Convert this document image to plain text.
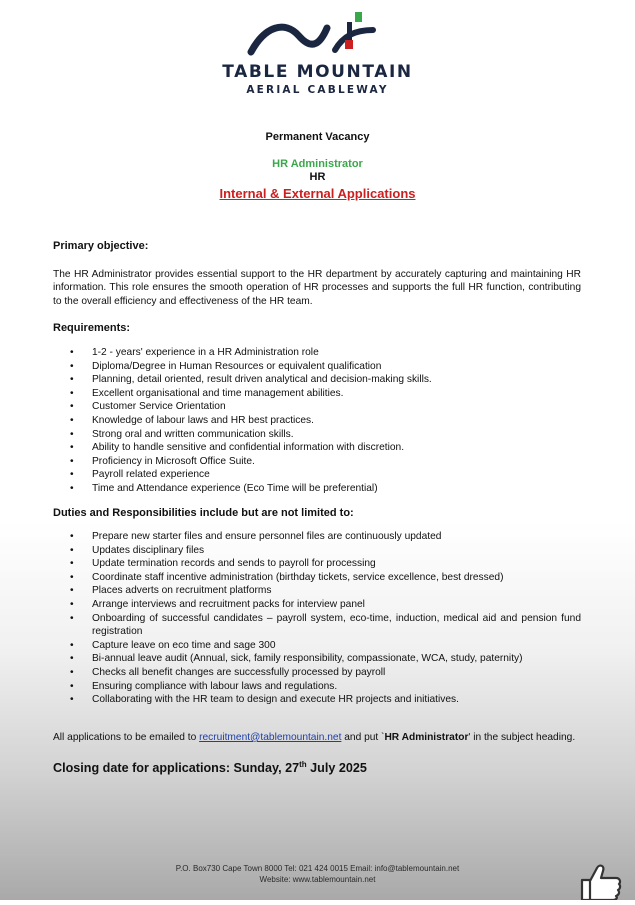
TABLE MOUNTAIN
AERIAL CABLEWAY
Permanent Vacancy
HR Administrator
HR
Internal & External Applications
Primary objective:

The HR Administrator provides essential support to the HR department by accurately capturing and maintaining HR information. This role ensures the smooth operation of HR processes and supports the full HR function, contributing to the overall efficiency and effectiveness of the HR team.

Requirements:
• 1-2 - years' experience in a HR Administration role
• Diploma/Degree in Human Resources or equivalent qualification
• Planning, detail oriented, result driven analytical and decision-making skills.
• Excellent organisational and time management abilities.
• Customer Service Orientation
• Knowledge of labour laws and HR best practices.
• Strong oral and written communication skills.
• Ability to handle sensitive and confidential information with discretion.
• Proficiency in Microsoft Office Suite.
• Payroll related experience
• Time and Attendance experience (Eco Time will be preferential)
Duties and Responsibilities include but are not limited to:
• Prepare new starter files and ensure personnel files are continuously updated
• Updates disciplinary files
• Update termination records and sends to payroll for processing
• Coordinate staff incentive administration (birthday tickets, service excellence, best dressed)
• Places adverts on recruitment platforms
• Arrange interviews and recruitment packs for interview panel
• Onboarding of successful candidates – payroll system, eco-time, induction, medical aid and pension fund registration
• Capture leave on eco time and sage 300
• Bi-annual leave audit (Annual, sick, family responsibility, compassionate, WCA, study, paternity)
• Checks all benefit changes are successfully processed by payroll
• Ensuring compliance with labour laws and regulations.
• Collaborating with the HR team to design and execute HR projects and initiatives.
All applications to be emailed to recruitment@tablemountain.net and put `HR Administrator' in the subject heading.
Closing date for applications: Sunday, 27th July 2025
P.O. Box730 Cape Town 8000 Tel: 021 424 0015 Email: info@tablemountain.net
Website: www.tablemountain.net
